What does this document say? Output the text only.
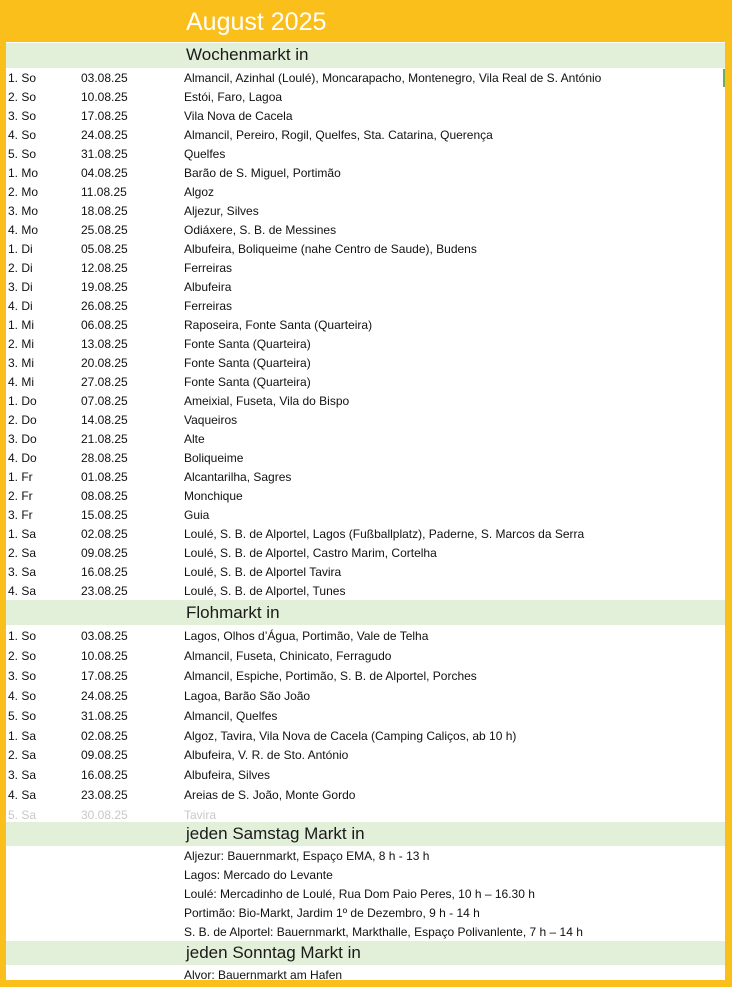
August 2025
Wochenmarkt in
1. So	03.08.25	Almancil, Azinhal (Loulé), Moncarapacho, Montenegro, Vila Real de S. António
2. So	10.08.25	Estói, Faro, Lagoa
3. So	17.08.25	Vila Nova de Cacela
4. So	24.08.25	Almancil, Pereiro, Rogil, Quelfes, Sta. Catarina, Querença
5. So	31.08.25	Quelfes
1. Mo	04.08.25	Barão de S. Miguel, Portimão
2. Mo	11.08.25	Algoz
3. Mo	18.08.25	Aljezur, Silves
4. Mo	25.08.25	Odiáxere, S. B. de Messines
1. Di	05.08.25	Albufeira, Boliqueime (nahe Centro de Saude), Budens
2. Di	12.08.25	Ferreiras
3. Di	19.08.25	Albufeira
4. Di	26.08.25	Ferreiras
1. Mi	06.08.25	Raposeira, Fonte Santa (Quarteira)
2. Mi	13.08.25	Fonte Santa (Quarteira)
3. Mi	20.08.25	Fonte Santa (Quarteira)
4. Mi	27.08.25	Fonte Santa (Quarteira)
1. Do	07.08.25	Ameixial, Fuseta, Vila do Bispo
2. Do	14.08.25	Vaqueiros
3. Do	21.08.25	Alte
4. Do	28.08.25	Boliqueime
1. Fr	01.08.25	Alcantarilha, Sagres
2. Fr	08.08.25	Monchique
3. Fr	15.08.25	Guia
1. Sa	02.08.25	Loulé, S. B. de Alportel, Lagos (Fußballplatz), Paderne, S. Marcos da Serra
2. Sa	09.08.25	Loulé, S. B. de Alportel, Castro Marim, Cortelha
3. Sa	16.08.25	Loulé, S. B. de Alportel Tavira
4. Sa	23.08.25	Loulé, S. B. de Alportel, Tunes
Flohmarkt in
1. So	03.08.25	Lagos, Olhos d’Água, Portimão, Vale de Telha
2. So	10.08.25	Almancil, Fuseta, Chinicato, Ferragudo
3. So	17.08.25	Almancil, Espiche, Portimão, S. B. de Alportel, Porches
4. So	24.08.25	Lagoa, Barão São João
5. So	31.08.25	Almancil, Quelfes
1. Sa	02.08.25	Algoz, Tavira, Vila Nova de Cacela (Camping Caliços, ab 10 h)
2. Sa	09.08.25	Albufeira, V. R. de Sto. António
3. Sa	16.08.25	Albufeira, Silves
4. Sa	23.08.25	Areias de S. João, Monte Gordo
5. Sa	30.08.25	Tavira
jeden Samstag Markt in
Aljezur: Bauernmarkt, Espaço EMA, 8 h - 13 h
Lagos: Mercado do Levante
Loulé: Mercadinho de Loulé, Rua Dom Paio Peres, 10 h – 16.30 h
Portimão: Bio-Markt, Jardim 1º de Dezembro, 9 h - 14 h
S. B. de Alportel: Bauernmarkt, Markthalle, Espaço Polivanlente, 7 h – 14 h
jeden Sonntag Markt in
Alvor: Bauernmarkt am Hafen
